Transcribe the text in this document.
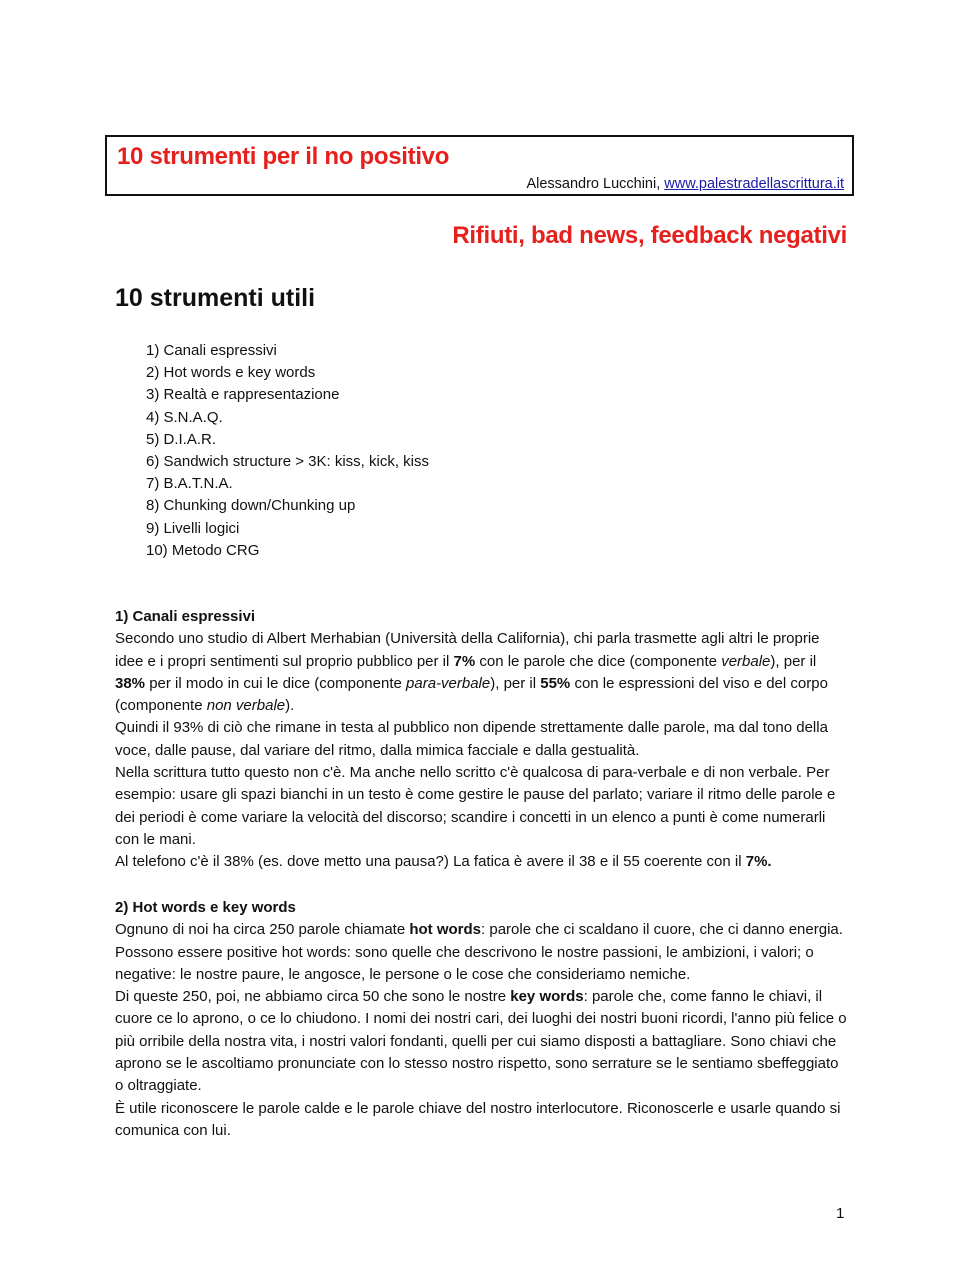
10 strumenti per il no positivo
Alessandro Lucchini, www.palestradellascrittura.it
Rifiuti, bad news, feedback negativi
10 strumenti utili
1) Canali espressivi
2) Hot words e key words
3) Realtà e rappresentazione
4) S.N.A.Q.
5) D.I.A.R.
6) Sandwich structure > 3K: kiss, kick, kiss
7) B.A.T.N.A.
8) Chunking down/Chunking up
9) Livelli logici
10) Metodo CRG

1) Canali espressivi

Secondo uno studio di Albert Merhabian (Università della California), chi parla trasmette agli altri le proprie idee e i propri sentimenti sul proprio pubblico per il 7% con le parole che dice (componente verbale), per il 38% per il modo in cui le dice (componente para-verbale), per il 55% con le espressioni del viso e del corpo (componente non verbale).

Quindi il 93% di ciò che rimane in testa al pubblico non dipende strettamente dalle parole, ma dal tono della voce, dalle pause, dal variare del ritmo, dalla mimica facciale e dalla gestualità.

Nella scrittura tutto questo non c'è. Ma anche nello scritto c'è qualcosa di para-verbale e di non verbale. Per esempio: usare gli spazi bianchi in un testo è come gestire le pause del parlato; variare il ritmo delle parole e dei periodi è come variare la velocità del discorso; scandire i concetti in un elenco a punti è come numerarli con le mani.

Al telefono c'è il 38% (es. dove metto una pausa?) La fatica è avere il 38 e il 55 coerente con il 7%.

2) Hot words e key words

Ognuno di noi ha circa 250 parole chiamate hot words: parole che ci scaldano il cuore, che ci danno energia. Possono essere positive hot words: sono quelle che descrivono le nostre passioni, le ambizioni, i valori; o negative: le nostre paure, le angosce, le persone o le cose che consideriamo nemiche.

Di queste 250, poi, ne abbiamo circa 50 che sono le nostre key words: parole che, come fanno le chiavi, il cuore ce lo aprono, o ce lo chiudono. I nomi dei nostri cari, dei luoghi dei nostri buoni ricordi, l'anno più felice o più orribile della nostra vita, i nostri valori fondanti, quelli per cui siamo disposti a battagliare. Sono chiavi che aprono se le ascoltiamo pronunciate con lo stesso nostro rispetto, sono serrature se le sentiamo sbeffeggiato o oltraggiate.

È utile riconoscere le parole calde e le parole chiave del nostro interlocutore. Riconoscerle e usarle quando si comunica con lui.

1
